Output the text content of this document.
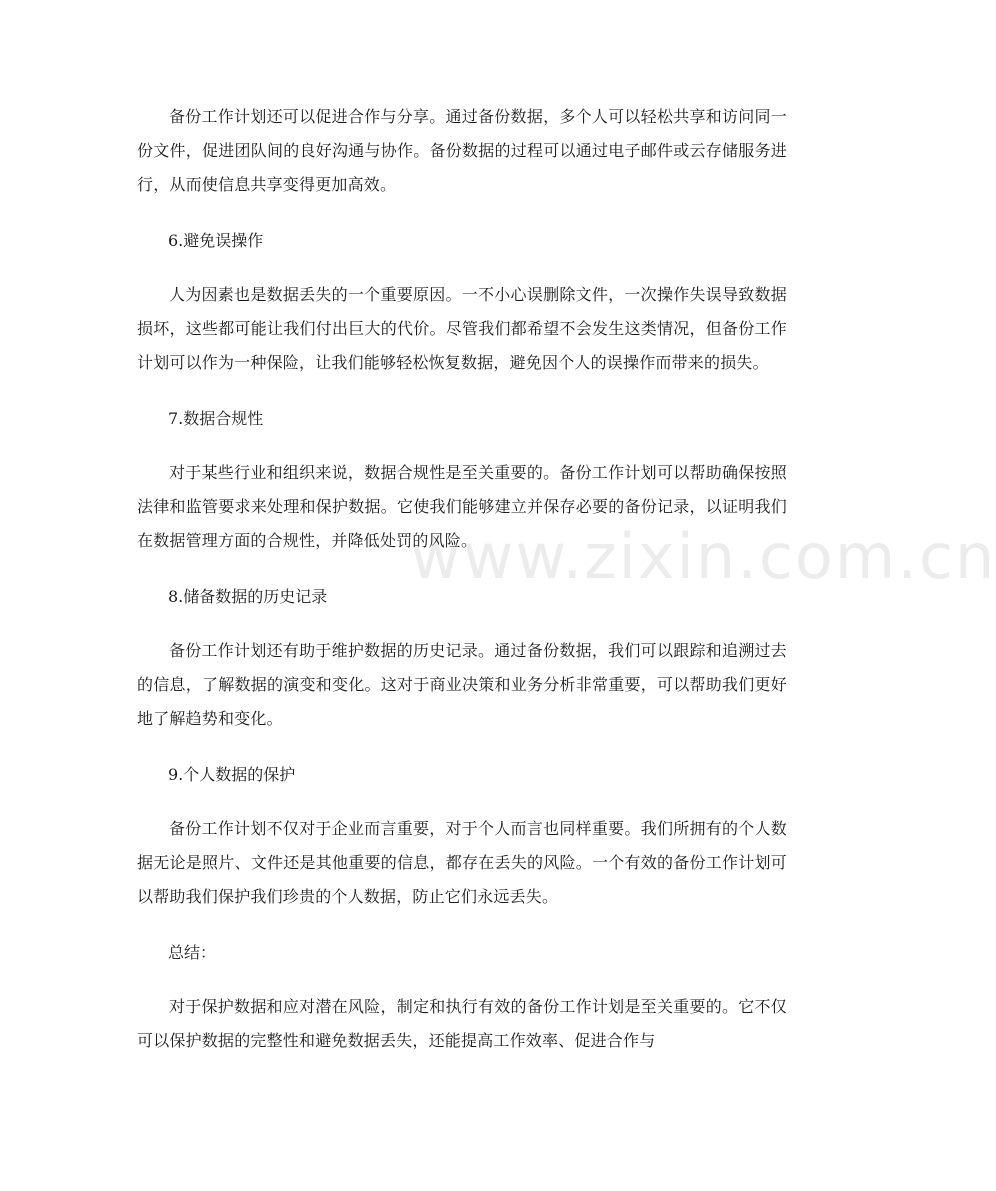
备份工作计划还可以促进合作与分享。通过备份数据，多个人可以轻松共享和访问同一份文件，促进团队间的良好沟通与协作。备份数据的过程可以通过电子邮件或云存储服务进行，从而使信息共享变得更加高效。

6.避免误操作

人为因素也是数据丢失的一个重要原因。一不小心误删除文件，一次操作失误导致数据损坏，这些都可能让我们付出巨大的代价。尽管我们都希望不会发生这类情况，但备份工作计划可以作为一种保险，让我们能够轻松恢复数据，避免因个人的误操作而带来的损失。

7.数据合规性

对于某些行业和组织来说，数据合规性是至关重要的。备份工作计划可以帮助确保按照法律和监管要求来处理和保护数据。它使我们能够建立并保存必要的备份记录，以证明我们在数据管理方面的合规性，并降低处罚的风险。

8.储备数据的历史记录

备份工作计划还有助于维护数据的历史记录。通过备份数据，我们可以跟踪和追溯过去的信息，了解数据的演变和变化。这对于商业决策和业务分析非常重要，可以帮助我们更好地了解趋势和变化。

9.个人数据的保护

备份工作计划不仅对于企业而言重要，对于个人而言也同样重要。我们所拥有的个人数据无论是照片、文件还是其他重要的信息，都存在丢失的风险。一个有效的备份工作计划可以帮助我们保护我们珍贵的个人数据，防止它们永远丢失。

总结：

对于保护数据和应对潜在风险，制定和执行有效的备份工作计划是至关重要的。它不仅可以保护数据的完整性和避免数据丢失，还能提高工作效率、促进合作与

www.zixin.com.cn
